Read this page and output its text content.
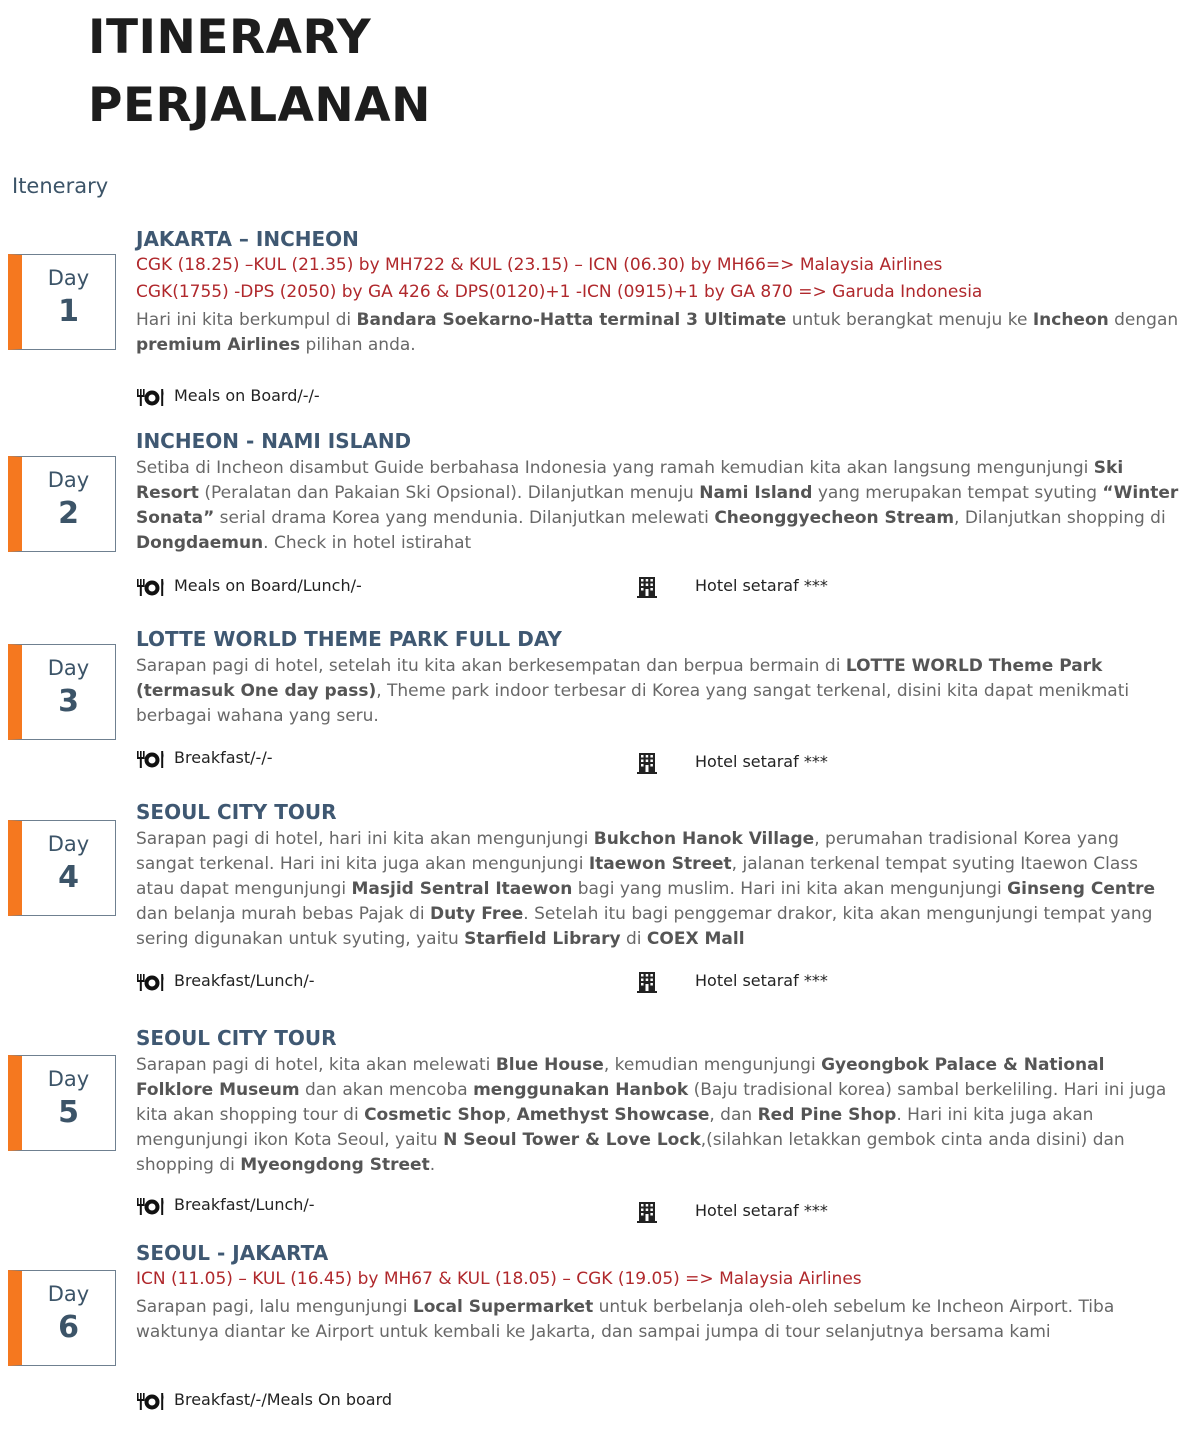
ITINERARY
PERJALANAN
Itenerary
Day
1
JAKARTA – INCHEON
CGK (18.25) –KUL (21.35) by MH722 & KUL (23.15) – ICN (06.30) by MH66=> Malaysia Airlines
CGK(1755) -DPS (2050) by GA 426 & DPS(0120)+1 -ICN (0915)+1 by GA 870 => Garuda Indonesia
Hari ini kita berkumpul di Bandara Soekarno-Hatta terminal 3 Ultimate untuk berangkat menuju ke Incheon dengan premium Airlines pilihan anda.
Meals on Board/-/-
Day
2
INCHEON - NAMI ISLAND
Setiba di Incheon disambut Guide berbahasa Indonesia yang ramah kemudian kita akan langsung mengunjungi Ski Resort (Peralatan dan Pakaian Ski Opsional). Dilanjutkan menuju Nami Island yang merupakan tempat syuting “Winter Sonata” serial drama Korea yang mendunia. Dilanjutkan melewati Cheonggyecheon Stream, Dilanjutkan shopping di Dongdaemun. Check in hotel istirahat
Meals on Board/Lunch/-	Hotel setaraf ***
Day
3
LOTTE WORLD THEME PARK FULL DAY
Sarapan pagi di hotel, setelah itu kita akan berkesempatan dan berpua bermain di LOTTE WORLD Theme Park (termasuk One day pass), Theme park indoor terbesar di Korea yang sangat terkenal, disini kita dapat menikmati berbagai wahana yang seru.
Breakfast/-/-	Hotel setaraf ***
Day
4
SEOUL CITY TOUR
Sarapan pagi di hotel, hari ini kita akan mengunjungi Bukchon Hanok Village, perumahan tradisional Korea yang sangat terkenal. Hari ini kita juga akan mengunjungi Itaewon Street, jalanan terkenal tempat syuting Itaewon Class atau dapat mengunjungi Masjid Sentral Itaewon bagi yang muslim. Hari ini kita akan mengunjungi Ginseng Centre dan belanja murah bebas Pajak di Duty Free. Setelah itu bagi penggemar drakor, kita akan mengunjungi tempat yang sering digunakan untuk syuting, yaitu Starfield Library di COEX Mall
Breakfast/Lunch/-	Hotel setaraf ***
Day
5
SEOUL CITY TOUR
Sarapan pagi di hotel, kita akan melewati Blue House, kemudian mengunjungi Gyeongbok Palace & National Folklore Museum dan akan mencoba menggunakan Hanbok (Baju tradisional korea) sambal berkeliling. Hari ini juga kita akan shopping tour di Cosmetic Shop, Amethyst Showcase, dan Red Pine Shop. Hari ini kita juga akan mengunjungi ikon Kota Seoul, yaitu N Seoul Tower & Love Lock,(silahkan letakkan gembok cinta anda disini) dan shopping di Myeongdong Street.
Breakfast/Lunch/-	Hotel setaraf ***
Day
6
SEOUL - JAKARTA
ICN (11.05) – KUL (16.45) by MH67 & KUL (18.05) – CGK (19.05) => Malaysia Airlines
Sarapan pagi, lalu mengunjungi Local Supermarket untuk berbelanja oleh-oleh sebelum ke Incheon Airport. Tiba waktunya diantar ke Airport untuk kembali ke Jakarta, dan sampai jumpa di tour selanjutnya bersama kami
Breakfast/-/Meals On board
